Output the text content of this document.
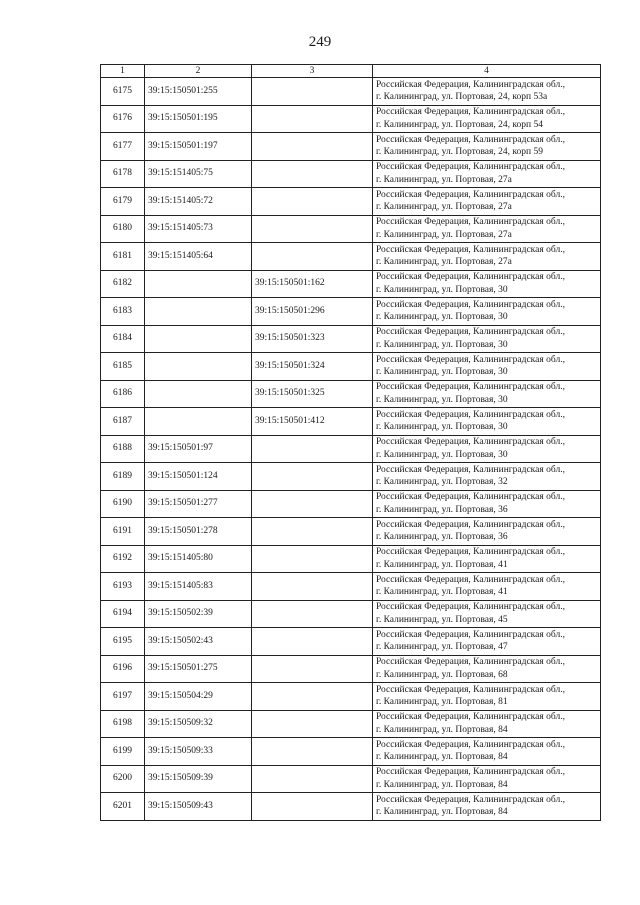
249
1	2	3	4
6175	39:15:150501:255		Российская Федерация, Калининградская обл.,
г. Калининград, ул. Портовая, 24, корп 53а

6176	39:15:150501:195		Российская Федерация, Калининградская обл.,
г. Калининград, ул. Портовая, 24, корп 54

6177	39:15:150501:197		Российская Федерация, Калининградская обл.,
г. Калининград, ул. Портовая, 24, корп 59

6178	39:15:151405:75		Российская Федерация, Калининградская обл.,
г. Калининград, ул. Портовая, 27а

6179	39:15:151405:72		Российская Федерация, Калининградская обл.,
г. Калининград, ул. Портовая, 27а

6180	39:15:151405:73		Российская Федерация, Калининградская обл.,
г. Калининград, ул. Портовая, 27а

6181	39:15:151405:64		Российская Федерация, Калининградская обл.,
г. Калининград, ул. Портовая, 27а

6182		39:15:150501:162	Российская Федерация, Калининградская обл.,
г. Калининград, ул. Портовая, 30

6183		39:15:150501:296	Российская Федерация, Калининградская обл.,
г. Калининград, ул. Портовая, 30

6184		39:15:150501:323	Российская Федерация, Калининградская обл.,
г. Калининград, ул. Портовая, 30

6185		39:15:150501:324	Российская Федерация, Калининградская обл.,
г. Калининград, ул. Портовая, 30

6186		39:15:150501:325	Российская Федерация, Калининградская обл.,
г. Калининград, ул. Портовая, 30

6187		39:15:150501:412	Российская Федерация, Калининградская обл.,
г. Калининград, ул. Портовая, 30

6188	39:15:150501:97		Российская Федерация, Калининградская обл.,
г. Калининград, ул. Портовая, 30

6189	39:15:150501:124		Российская Федерация, Калининградская обл.,
г. Калининград, ул. Портовая, 32

6190	39:15:150501:277		Российская Федерация, Калининградская обл.,
г. Калининград, ул. Портовая, 36

6191	39:15:150501:278		Российская Федерация, Калининградская обл.,
г. Калининград, ул. Портовая, 36

6192	39:15:151405:80		Российская Федерация, Калининградская обл.,
г. Калининград, ул. Портовая, 41

6193	39:15:151405:83		Российская Федерация, Калининградская обл.,
г. Калининград, ул. Портовая, 41

6194	39:15:150502:39		Российская Федерация, Калининградская обл.,
г. Калининград, ул. Портовая, 45

6195	39:15:150502:43		Российская Федерация, Калининградская обл.,
г. Калининград, ул. Портовая, 47

6196	39:15:150501:275		Российская Федерация, Калининградская обл.,
г. Калининград, ул. Портовая, 68

6197	39:15:150504:29		Российская Федерация, Калининградская обл.,
г. Калининград, ул. Портовая, 81

6198	39:15:150509:32		Российская Федерация, Калининградская обл.,
г. Калининград, ул. Портовая, 84

6199	39:15:150509:33		Российская Федерация, Калининградская обл.,
г. Калининград, ул. Портовая, 84

6200	39:15:150509:39		Российская Федерация, Калининградская обл.,
г. Калининград, ул. Портовая, 84

6201	39:15:150509:43		Российская Федерация, Калининградская обл.,
г. Калининград, ул. Портовая, 84
